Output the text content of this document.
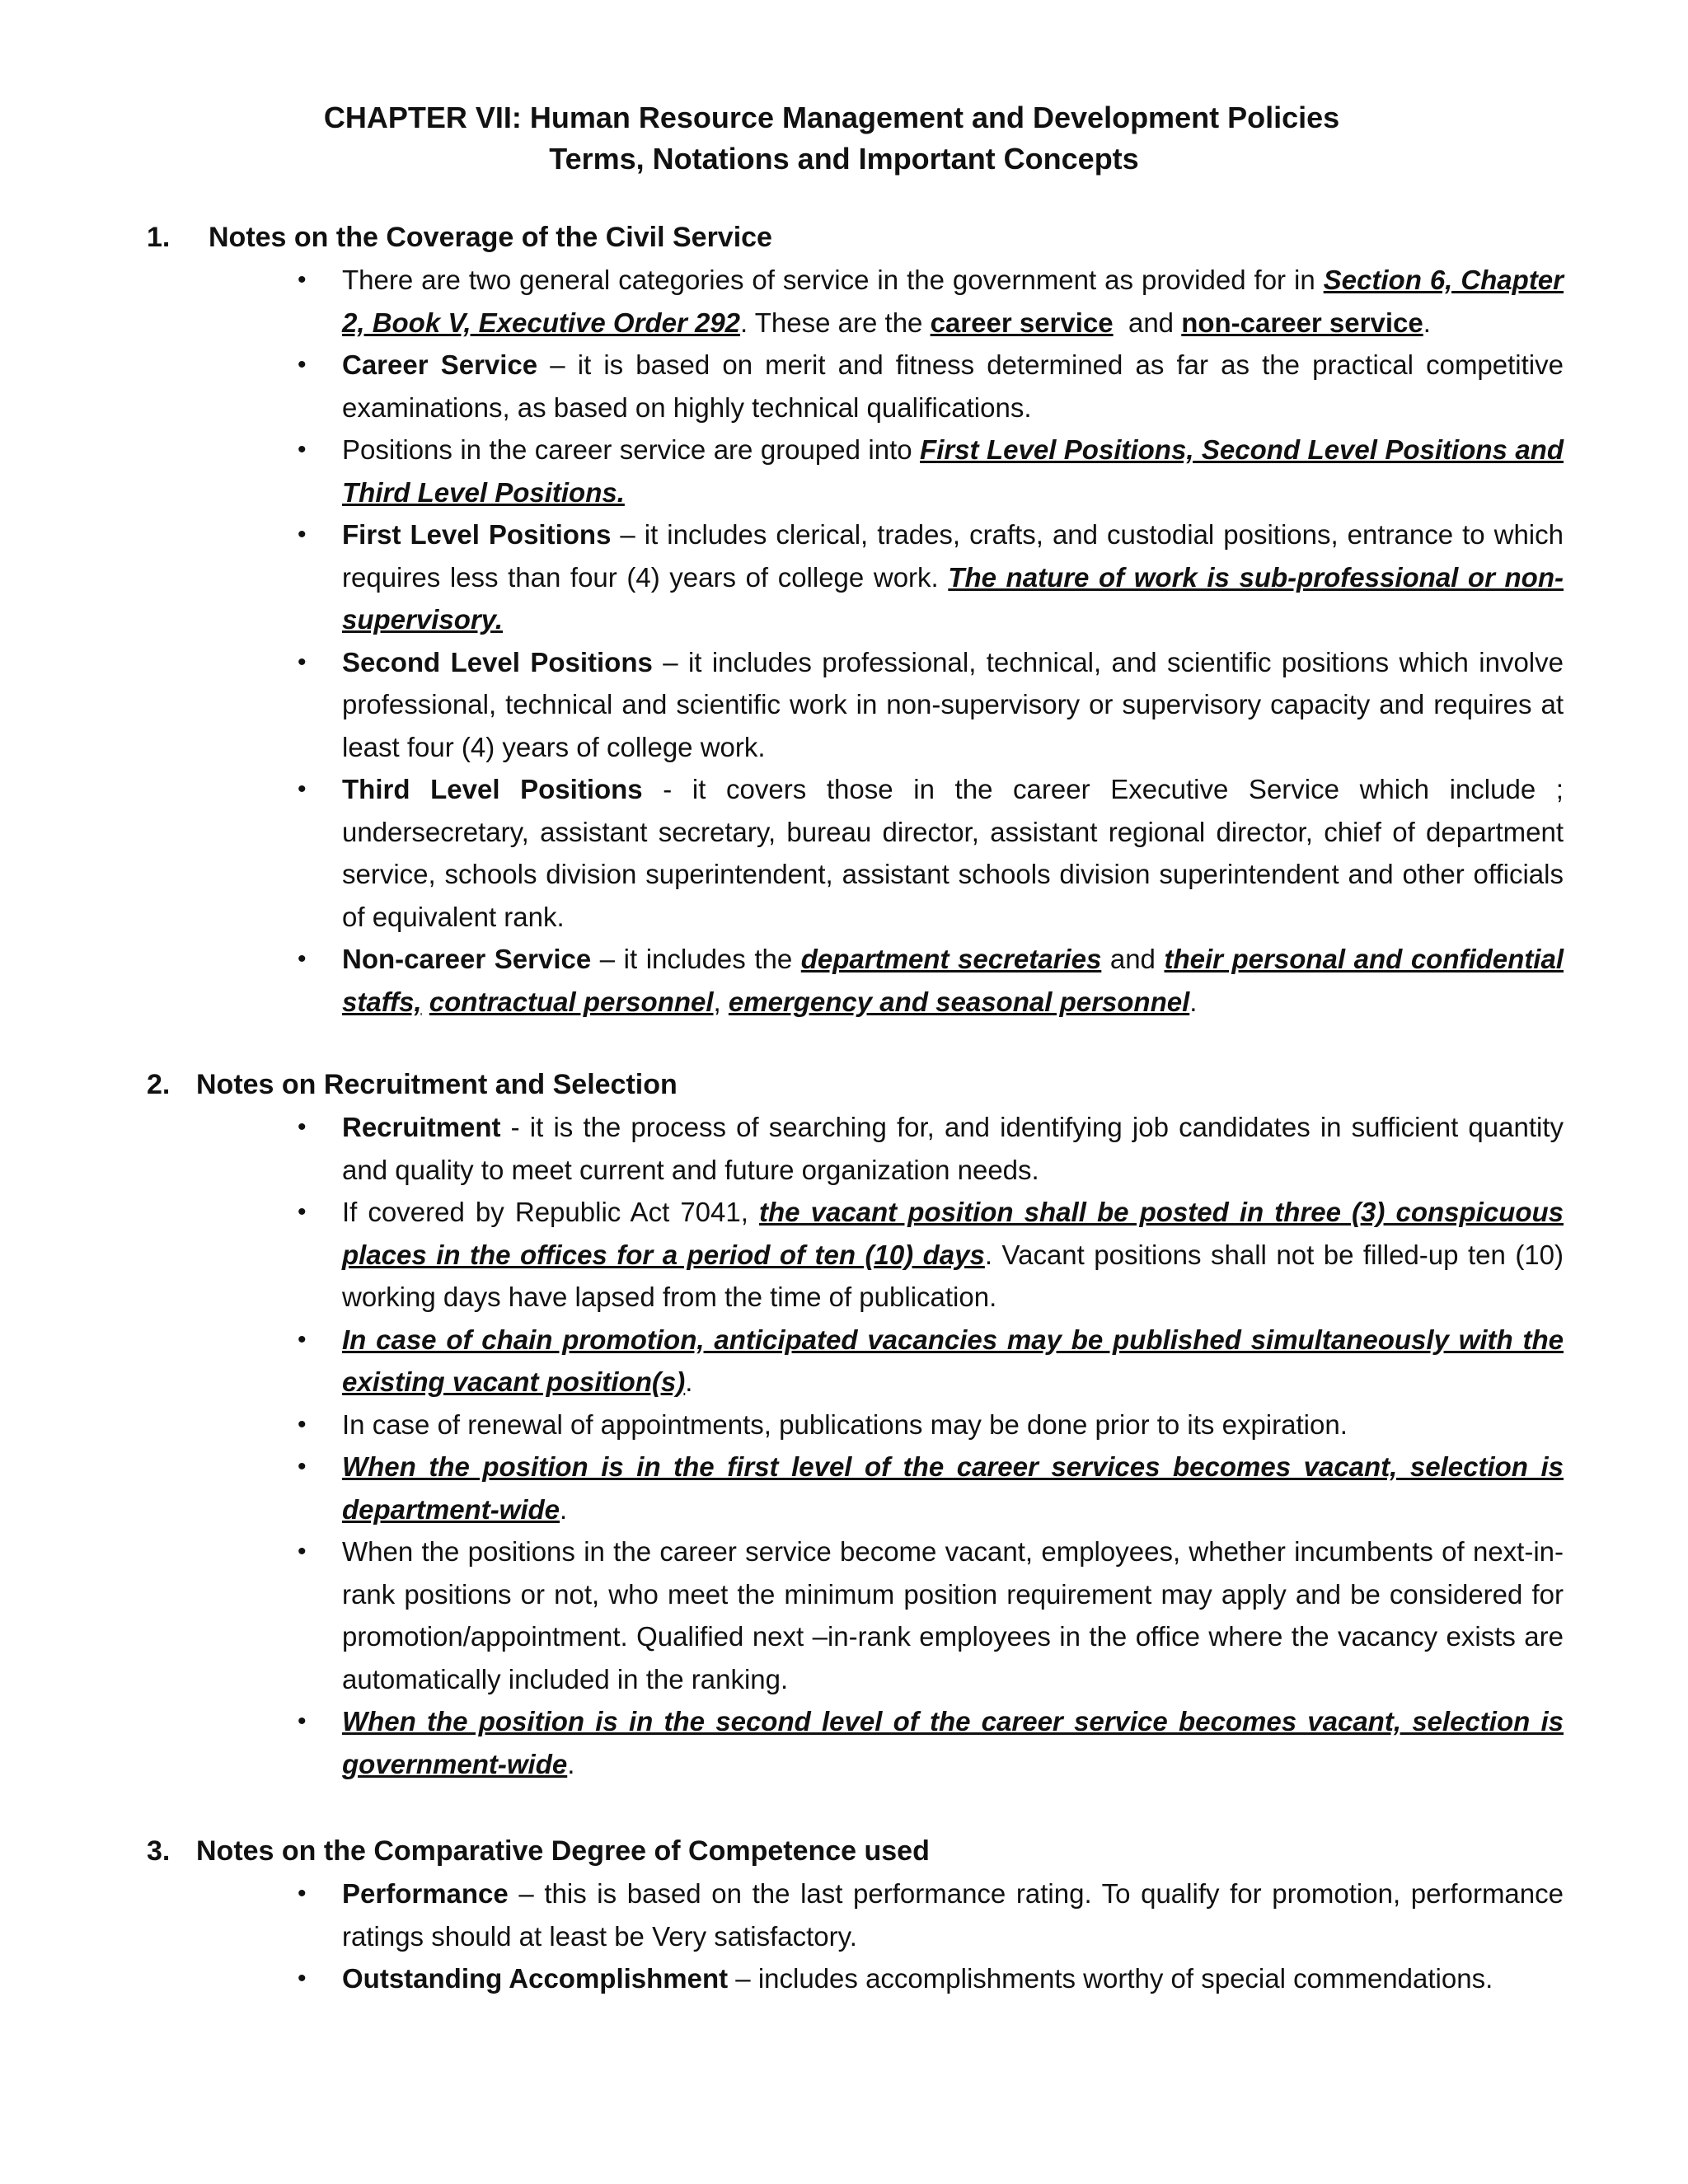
CHAPTER VII: Human Resource Management and Development Policies
Terms, Notations and Important Concepts
1.	Notes on the Coverage of the Civil Service
• There are two general categories of service in the government as provided for in Section 6, Chapter 2, Book V, Executive Order 292. These are the career service  and non-career service.
• Career Service – it is based on merit and fitness determined as far as the practical competitive examinations, as based on highly technical qualifications.
• Positions in the career service are grouped into First Level Positions, Second Level Positions and Third Level Positions.
• First Level Positions – it includes clerical, trades, crafts, and custodial positions, entrance to which requires less than four (4) years of college work. The nature of work is sub-professional or non-supervisory.
• Second Level Positions – it includes professional, technical, and scientific positions which involve professional, technical and scientific work in non-supervisory or supervisory capacity and requires at least four (4) years of college work.
• Third Level Positions - it covers those in the career Executive Service which include ; undersecretary, assistant secretary, bureau director, assistant regional director, chief of department service, schools division superintendent, assistant schools division superintendent and other officials of equivalent rank.
• Non-career Service – it includes the department secretaries and their personal and confidential staffs, contractual personnel, emergency and seasonal personnel.
2. Notes on Recruitment and Selection
• Recruitment - it is the process of searching for, and identifying job candidates in sufficient quantity and quality to meet current and future organization needs.
• If covered by Republic Act 7041, the vacant position shall be posted in three (3) conspicuous places in the offices for a period of ten (10) days. Vacant positions shall not be filled-up ten (10) working days have lapsed from the time of publication.
• In case of chain promotion, anticipated vacancies may be published simultaneously with the existing vacant position(s).
• In case of renewal of appointments, publications may be done prior to its expiration.
• When the position is in the first level of the career services becomes vacant, selection is department-wide.
• When the positions in the career service become vacant, employees, whether incumbents of next-in-rank positions or not, who meet the minimum position requirement may apply and be considered for promotion/appointment. Qualified next –in-rank employees in the office where the vacancy exists are automatically included in the ranking.
• When the position is in the second level of the career service becomes vacant, selection is government-wide.
3. Notes on the Comparative Degree of Competence used
• Performance – this is based on the last performance rating. To qualify for promotion, performance ratings should at least be Very satisfactory.
• Outstanding Accomplishment – includes accomplishments worthy of special commendations.
